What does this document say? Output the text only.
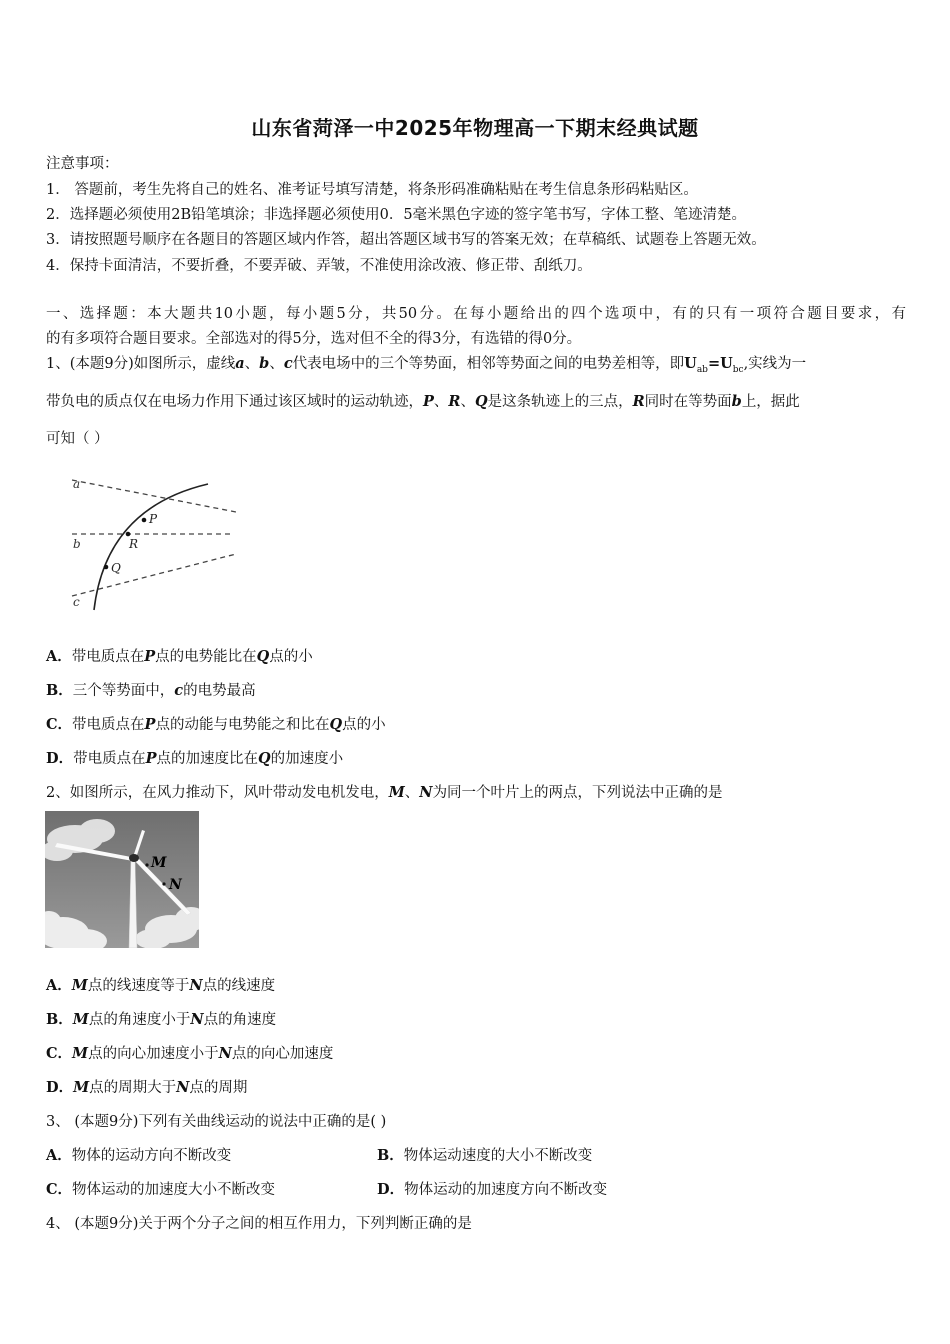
山东省菏泽一中2025年物理高一下期末经典试题
注意事项：
1． 答题前，考生先将自己的姓名、准考证号填写清楚，将条形码准确粘贴在考生信息条形码粘贴区。
2．选择题必须使用2B铅笔填涂；非选择题必须使用0．5毫米黑色字迹的签字笔书写，字体工整、笔迹清楚。
3．请按照题号顺序在各题目的答题区域内作答，超出答题区域书写的答案无效；在草稿纸、试题卷上答题无效。
4．保持卡面清洁，不要折叠，不要弄破、弄皱，不准使用涂改液、修正带、刮纸刀。
一、选择题：本大题共10小题，每小题5分，共50分。在每小题给出的四个选项中，有的只有一项符合题目要求，有
的有多项符合题目要求。全部选对的得5分，选对但不全的得3分，有选错的得0分。
1、(本题9分)如图所示，虚线a、b、c代表电场中的三个等势面，相邻等势面之间的电势差相等，即$U_{ab}=U_{bc}$,实线为一
带负电的质点仅在电场力作用下通过该区域时的运动轨迹，P、R、Q是这条轨迹上的三点，R同时在等势面b上，据此
可知（ ）
a
b
c
P
R
Q
A．带电质点在P点的电势能比在Q点的小
B．三个等势面中，c的电势最高
C．带电质点在P点的动能与电势能之和比在Q点的小
D．带电质点在P点的加速度比在Q的加速度小
2、如图所示，在风力推动下，风叶带动发电机发电，M、N为同一个叶片上的两点，下列说法中正确的是
M
N
A．M点的线速度等于N点的线速度
B．M点的角速度小于N点的角速度
C．M点的向心加速度小于N点的向心加速度
D．M点的周期大于N点的周期
3、 (本题9分)下列有关曲线运动的说法中正确的是( )
A．物体的运动方向不断改变	B．物体运动速度的大小不断改变
C．物体运动的加速度大小不断改变	D．物体运动的加速度方向不断改变
4、 (本题9分)关于两个分子之间的相互作用力，下列判断正确的是
